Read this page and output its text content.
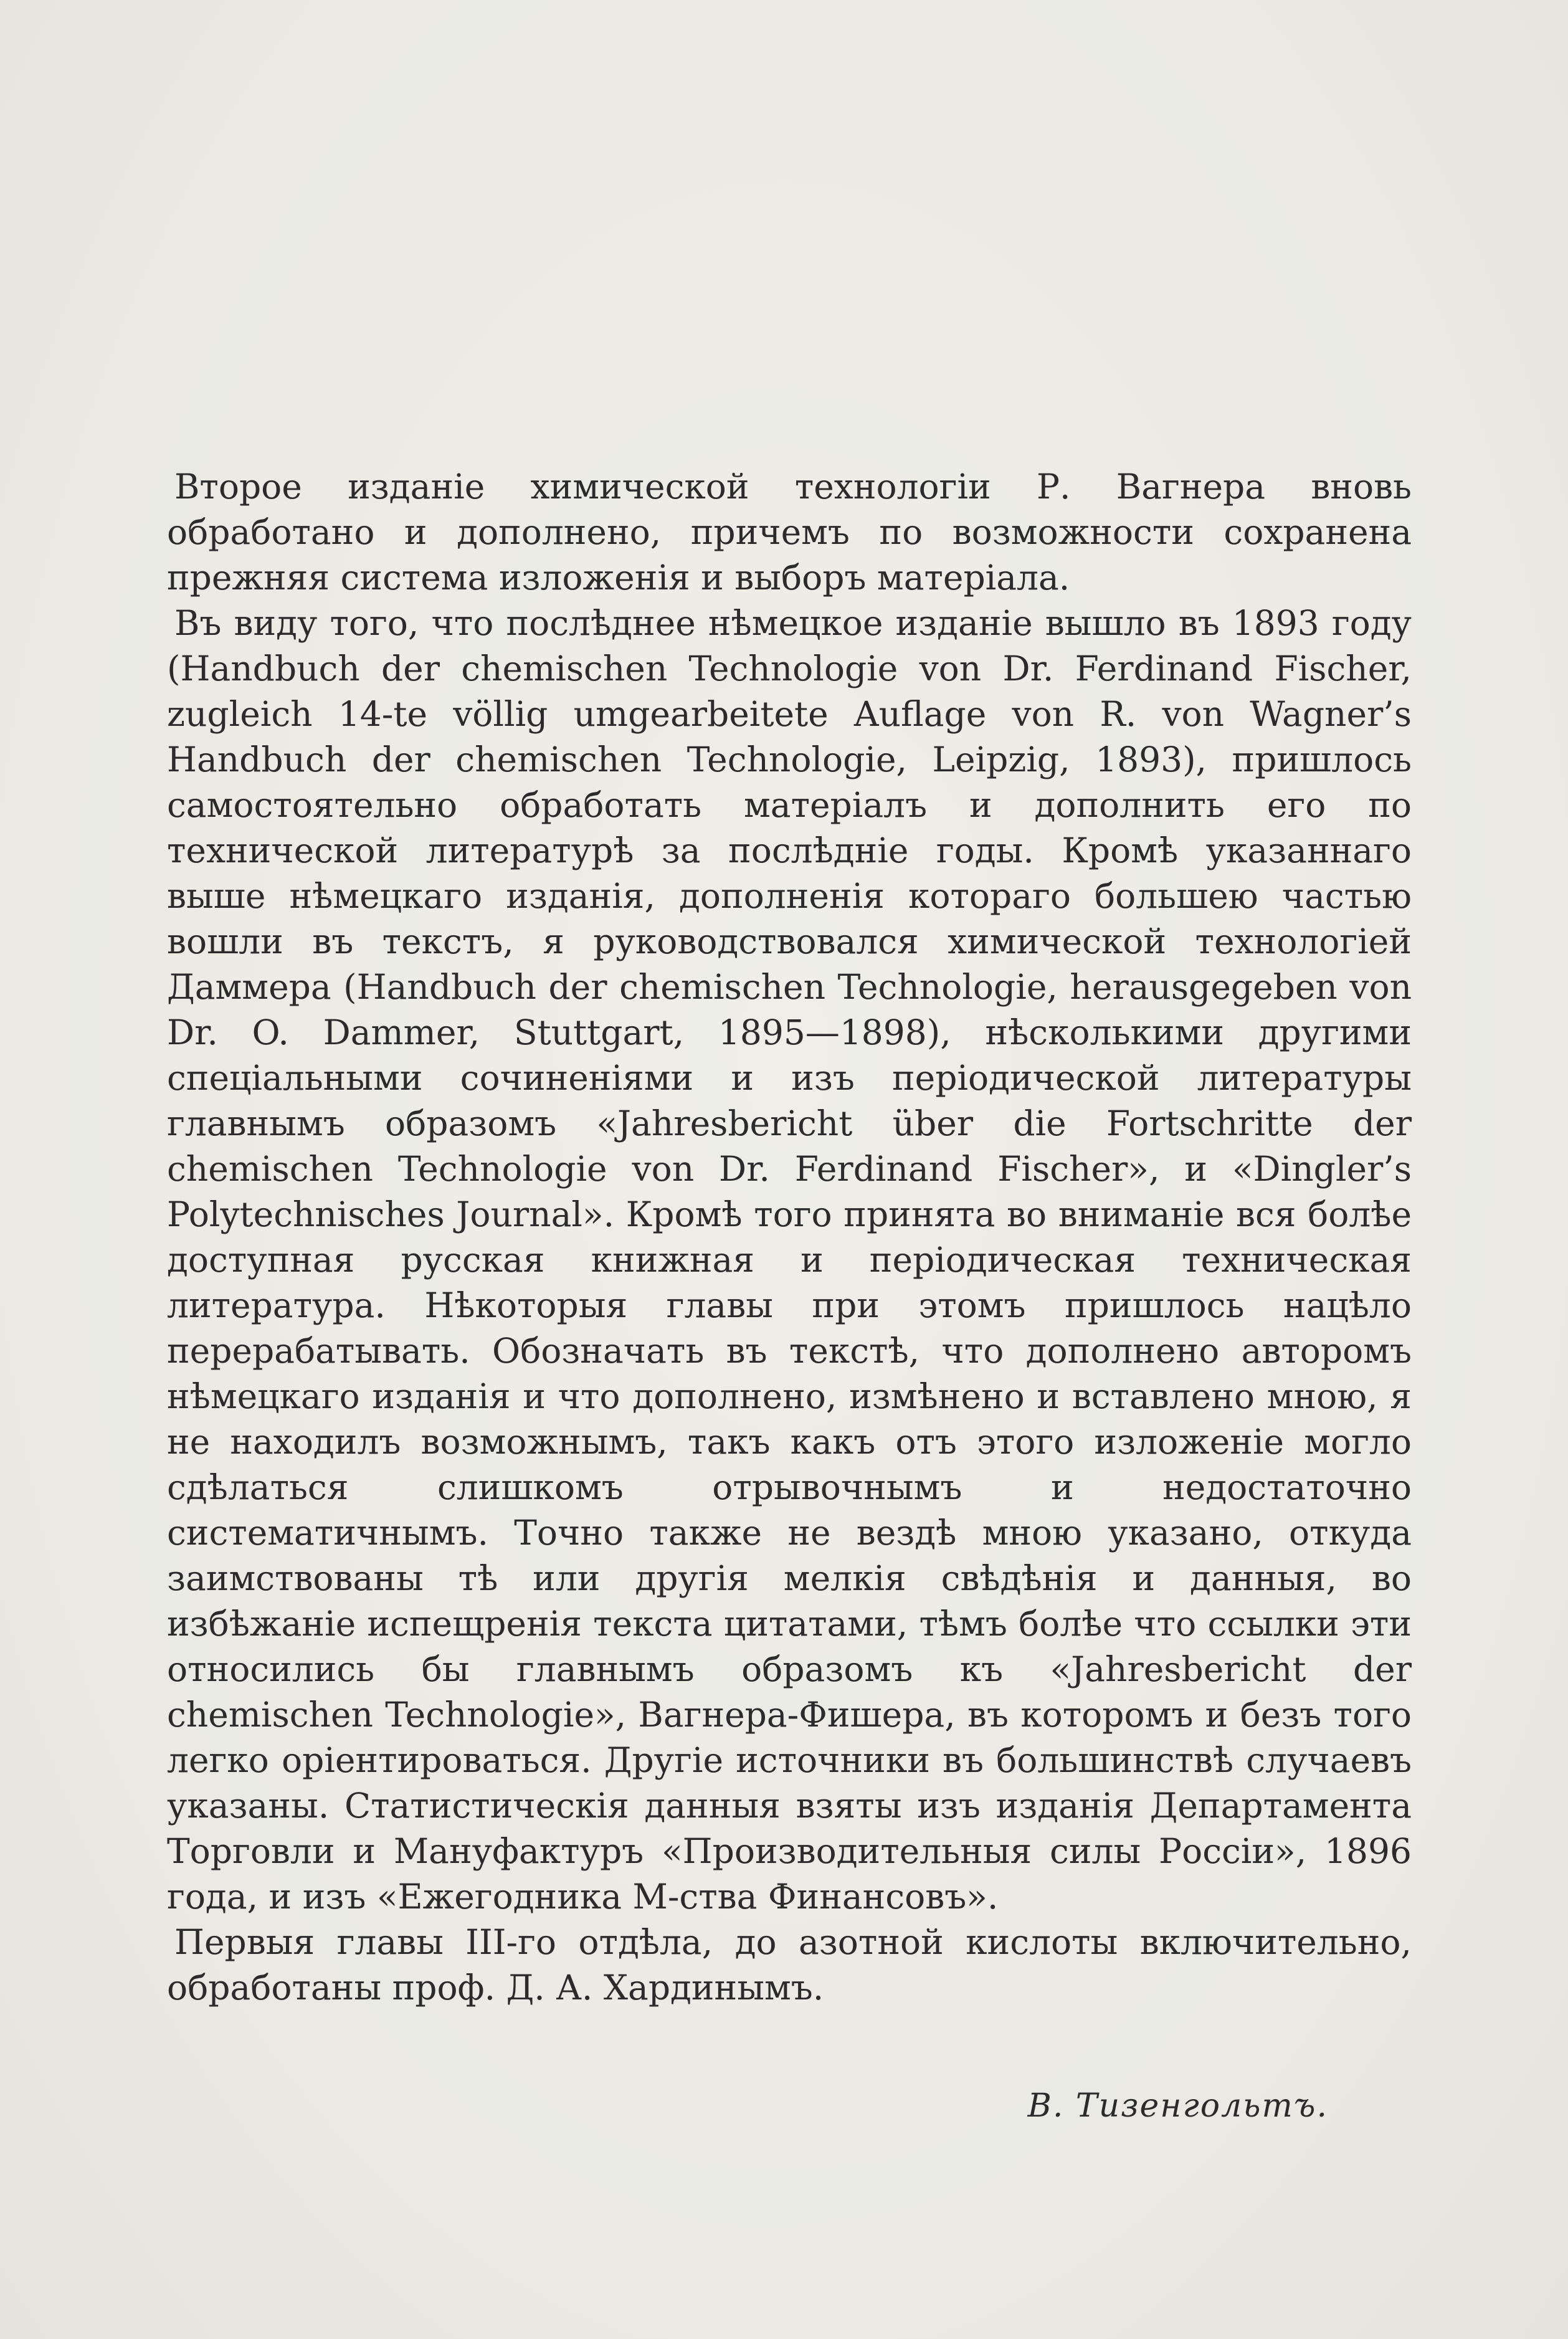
Второе изданіе химической технологіи Р. Вагнера вновь обработано и дополнено, причемъ по возможности сохранена прежняя система изложенія и выборъ матеріала.

Въ виду того, что послѣднее нѣмецкое изданіе вышло въ 1893 году (Handbuch der chemischen Technologie von Dr. Ferdinand Fischer, zugleich 14-te völlig umgearbeitete Auflage von R. von Wagner’s Handbuch der chemischen Technologie, Leipzig, 1893), пришлось самостоятельно обработать матеріалъ и дополнить его по технической литературѣ за послѣдніе годы. Кромѣ указаннаго выше нѣмецкаго изданія, дополненія котораго большею частью вошли въ текстъ, я руководствовался химической технологіей Даммера (Handbuch der chemischen Technologie, herausgegeben von Dr. O. Dammer, Stuttgart, 1895—1898), нѣсколькими другими спеціальными сочиненіями и изъ періодической литературы главнымъ образомъ «Jahresbericht über die Fortschritte der chemischen Technologie von Dr. Ferdinand Fischer», и «Dingler’s Polytechnisches Journal». Кромѣ того принята во вниманіе вся болѣе доступная русская книжная и періодическая техническая литература. Нѣкоторыя главы при этомъ пришлось нацѣло перерабатывать. Обозначать въ текстѣ, что дополнено авторомъ нѣмецкаго изданія и что дополнено, измѣнено и вставлено мною, я не находилъ возможнымъ, такъ какъ отъ этого изложеніе могло сдѣлаться слишкомъ отрывочнымъ и недостаточно систематичнымъ. Точно также не вездѣ мною указано, откуда заимствованы тѣ или другія мелкія свѣдѣнія и данныя, во избѣжаніе испещренія текста цитатами, тѣмъ болѣе что ссылки эти относились бы главнымъ образомъ къ «Jahresbericht der chemischen Technologie», Вагнера-Фишера, въ которомъ и безъ того легко оріентироваться. Другіе источники въ большинствѣ случаевъ указаны. Статистическія данныя взяты изъ изданія Департамента Торговли и Мануфактуръ «Производительныя силы Россіи», 1896 года, и изъ «Ежегодника М-ства Финансовъ».

Первыя главы III-го отдѣла, до азотной кислоты включительно, обработаны проф. Д. А. Хардинымъ.

В. Тизенгольтъ.
